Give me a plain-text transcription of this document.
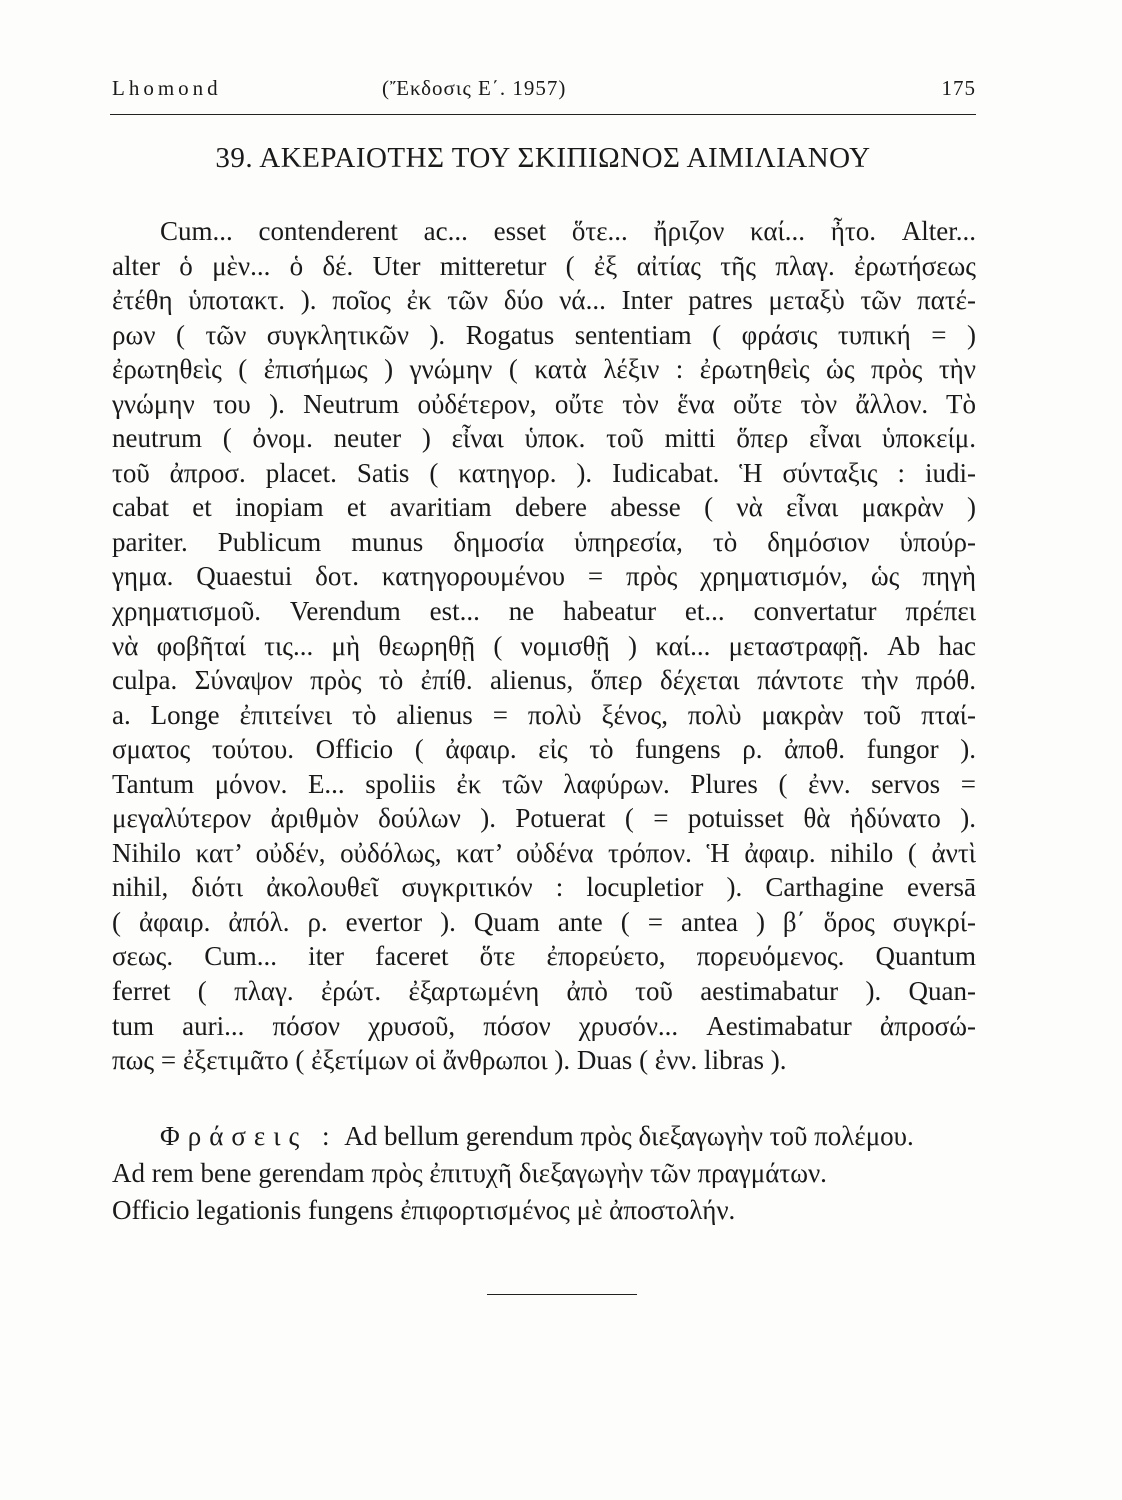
Lhomond	(Ἔκδοσις Ε΄. 1957)	175
39. ΑΚΕΡΑΙΟΤΗΣ ΤΟΥ ΣΚΙΠΙΩΝΟΣ ΑΙΜΙΛΙΑΝΟΥ
Cum... contenderent ac... esset ὅτε... ἤριζον καί... ἦτο. Alter...
alter ὁ μὲν... ὁ δέ. Uter mitteretur ( ἐξ αἰτίας τῆς πλαγ. ἐρωτήσεως
ἐτέθη ὑποτακτ. ). ποῖος ἐκ τῶν δύο νά... Inter patres μεταξὺ τῶν πατέ-
ρων ( τῶν συγκλητικῶν ). Rogatus sententiam ( φράσις τυπική = )
ἐρωτηθεὶς ( ἐπισήμως ) γνώμην ( κατὰ λέξιν : ἐρωτηθεὶς ὡς πρὸς τὴν
γνώμην του ). Neutrum οὐδέτερον, οὔτε τὸν ἕνα οὔτε τὸν ἄλλον. Τὸ
neutrum ( ὀνομ. neuter ) εἶναι ὑποκ. τοῦ mitti ὅπερ εἶναι ὑποκείμ.
τοῦ ἀπροσ. placet. Satis ( κατηγορ. ). Iudicabat. Ἡ σύνταξις : iudi-
cabat et inopiam et avaritiam debere abesse ( νὰ εἶναι μακρὰν )
pariter. Publicum munus δημοσία ὑπηρεσία, τὸ δημόσιον ὑπούρ-
γημα. Quaestui δοτ. κατηγορουμένου = πρὸς χρηματισμόν, ὡς πηγὴ
χρηματισμοῦ. Verendum est... ne habeatur et... convertatur πρέπει
νὰ φοβῆταί τις... μὴ θεωρηθῇ ( νομισθῇ ) καί... μεταστραφῇ. Ab hac
culpa. Σύναψον πρὸς τὸ ἐπίθ. alienus, ὅπερ δέχεται πάντοτε τὴν πρόθ.
a. Longe ἐπιτείνει τὸ alienus = πολὺ ξένος, πολὺ μακρὰν τοῦ πταί-
σματος τούτου. Officio ( ἀφαιρ. εἰς τὸ fungens ρ. ἀποθ. fungor ).
Tantum μόνον. E... spoliis ἐκ τῶν λαφύρων. Plures ( ἐνν. servos =
μεγαλύτερον ἀριθμὸν δούλων ). Potuerat ( = potuisset θὰ ἠδύνατο ).
Nihilo κατ’ οὐδέν, οὐδόλως, κατ’ οὐδένα τρόπον. Ἡ ἀφαιρ. nihilo ( ἀντὶ
nihil, διότι ἀκολουθεῖ συγκριτικόν : locupletior ). Carthagine eversā
( ἀφαιρ. ἀπόλ. ρ. evertor ). Quam ante ( = antea ) β΄ ὅρος συγκρί-
σεως. Cum... iter faceret ὅτε ἐπορεύετο, πορευόμενος. Quantum
ferret ( πλαγ. ἐρώτ. ἐξαρτωμένη ἀπὸ τοῦ aestimabatur ). Quan-
tum auri... πόσον χρυσοῦ, πόσον χρυσόν... Aestimabatur ἀπροσώ-
πως = ἐξετιμᾶτο ( ἐξετίμων οἱ ἄνθρωποι ). Duas ( ἐνν. libras ).
Φράσεις : Ad bellum gerendum πρὸς διεξαγωγὴν τοῦ πολέμου.
Ad rem bene gerendam πρὸς ἐπιτυχῆ διεξαγωγὴν τῶν πραγμάτων.
Officio legationis fungens ἐπιφορτισμένος μὲ ἀποστολήν.
